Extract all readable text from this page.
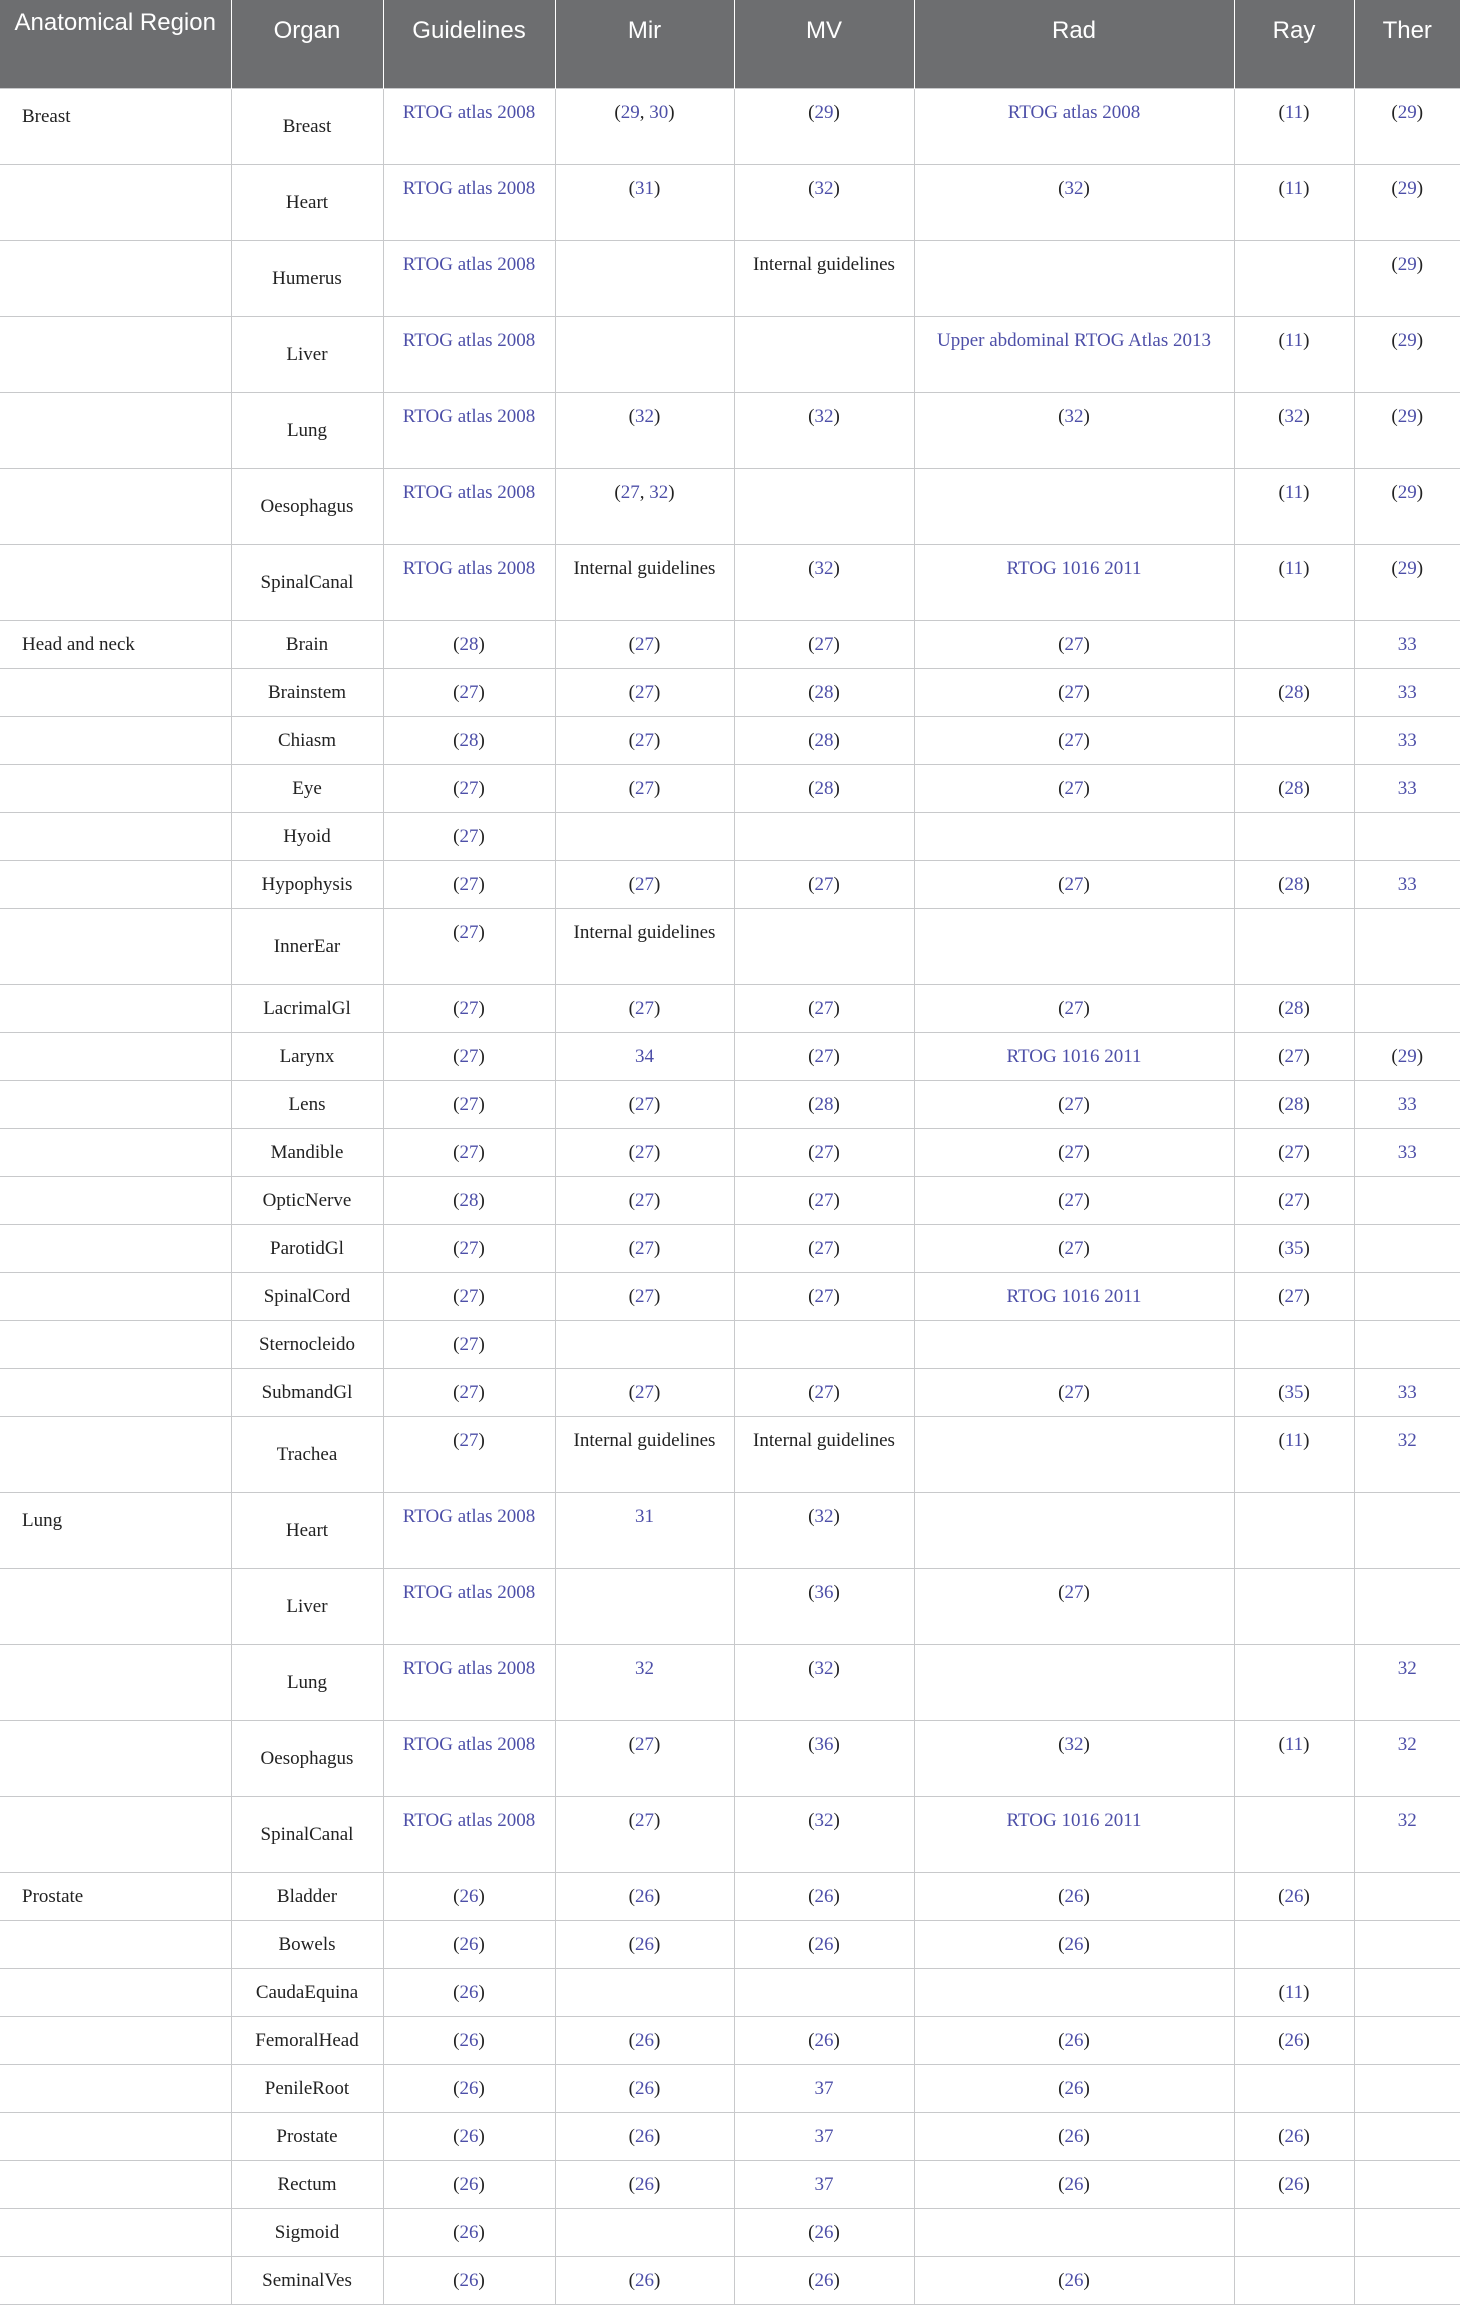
Anatomical Region	Organ	Guidelines	Mir	MV	Rad	Ray	Ther
Breast	Breast	RTOG atlas 2008	(29, 30)	(29)	RTOG atlas 2008	(11)	(29)
	Heart	RTOG atlas 2008	(31)	(32)	(32)	(11)	(29)
	Humerus	RTOG atlas 2008		Internal guidelines			(29)
	Liver	RTOG atlas 2008			Upper abdominal RTOG Atlas 2013	(11)	(29)
	Lung	RTOG atlas 2008	(32)	(32)	(32)	(32)	(29)
	Oesophagus	RTOG atlas 2008	(27, 32)			(11)	(29)
	SpinalCanal	RTOG atlas 2008	Internal guidelines	(32)	RTOG 1016 2011	(11)	(29)
Head and neck	Brain	(28)	(27)	(27)	(27)		33
	Brainstem	(27)	(27)	(28)	(27)	(28)	33
	Chiasm	(28)	(27)	(28)	(27)		33
	Eye	(27)	(27)	(28)	(27)	(28)	33
	Hyoid	(27)					
	Hypophysis	(27)	(27)	(27)	(27)	(28)	33
	InnerEar	(27)	Internal guidelines				
	LacrimalGl	(27)	(27)	(27)	(27)	(28)	
	Larynx	(27)	34	(27)	RTOG 1016 2011	(27)	(29)
	Lens	(27)	(27)	(28)	(27)	(28)	33
	Mandible	(27)	(27)	(27)	(27)	(27)	33
	OpticNerve	(28)	(27)	(27)	(27)	(27)	
	ParotidGl	(27)	(27)	(27)	(27)	(35)	
	SpinalCord	(27)	(27)	(27)	RTOG 1016 2011	(27)	
	Sternocleido	(27)					
	SubmandGl	(27)	(27)	(27)	(27)	(35)	33
	Trachea	(27)	Internal guidelines	Internal guidelines		(11)	32
Lung	Heart	RTOG atlas 2008	31	(32)			
	Liver	RTOG atlas 2008		(36)	(27)		
	Lung	RTOG atlas 2008	32	(32)			32
	Oesophagus	RTOG atlas 2008	(27)	(36)	(32)	(11)	32
	SpinalCanal	RTOG atlas 2008	(27)	(32)	RTOG 1016 2011		32
Prostate	Bladder	(26)	(26)	(26)	(26)	(26)	
	Bowels	(26)	(26)	(26)	(26)		
	CaudaEquina	(26)				(11)	
	FemoralHead	(26)	(26)	(26)	(26)	(26)	
	PenileRoot	(26)	(26)	37	(26)		
	Prostate	(26)	(26)	37	(26)	(26)	
	Rectum	(26)	(26)	37	(26)	(26)	
	Sigmoid	(26)		(26)			
	SeminalVes	(26)	(26)	(26)	(26)		
